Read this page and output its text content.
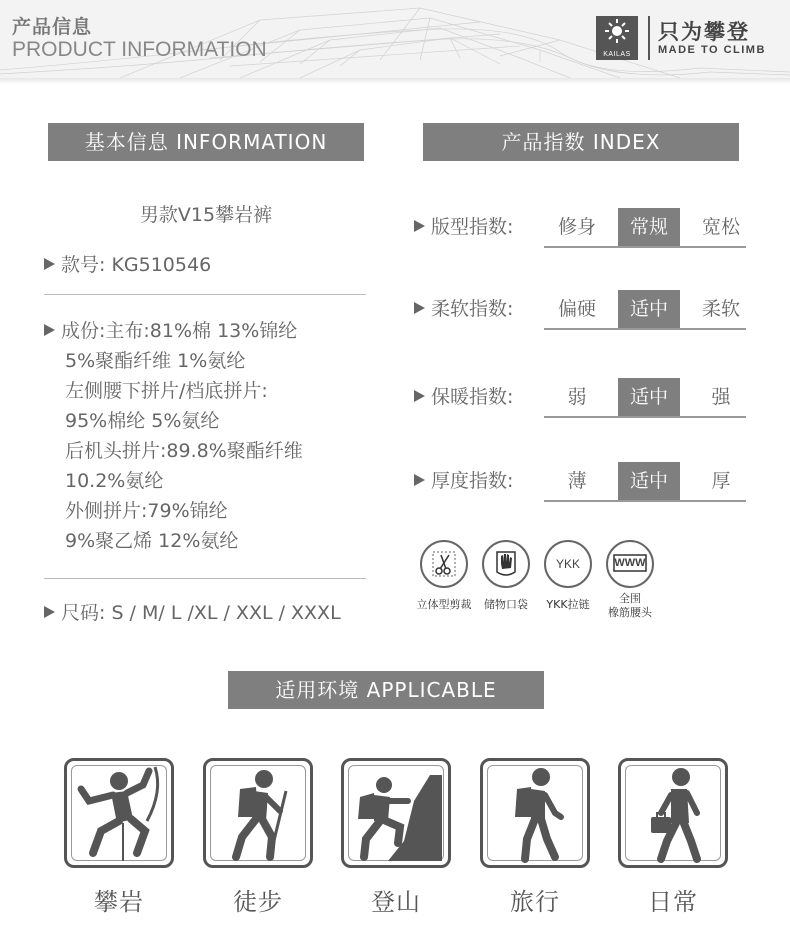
产品信息
PRODUCT INFORMATION	KAILAS
只为攀登
MADE TO CLIMB
基本信息 INFORMATION
男款V15攀岩裤
款号: KG510546
成份:主布:81%棉 13%锦纶
5%聚酯纤维 1%氨纶
左侧腰下拼片/档底拼片:
95%棉纶 5%氨纶
后机头拼片:89.8%聚酯纤维
10.2%氨纶
外侧拼片:79%锦纶
9%聚乙烯 12%氨纶
尺码: S / M/ L /XL / XXL / XXXL
产品指数 INDEX
版型指数:	修身	常规	宽松
柔软指数:	偏硬	适中	柔软
保暖指数:	弱	适中	强
厚度指数:	薄	适中	厚
立体型剪裁	储物口袋
YKK
YKK拉链
WWW
全围
橡筋腰头
适用环境 APPLICABLE
攀岩	徒步	登山	旅行	日常
